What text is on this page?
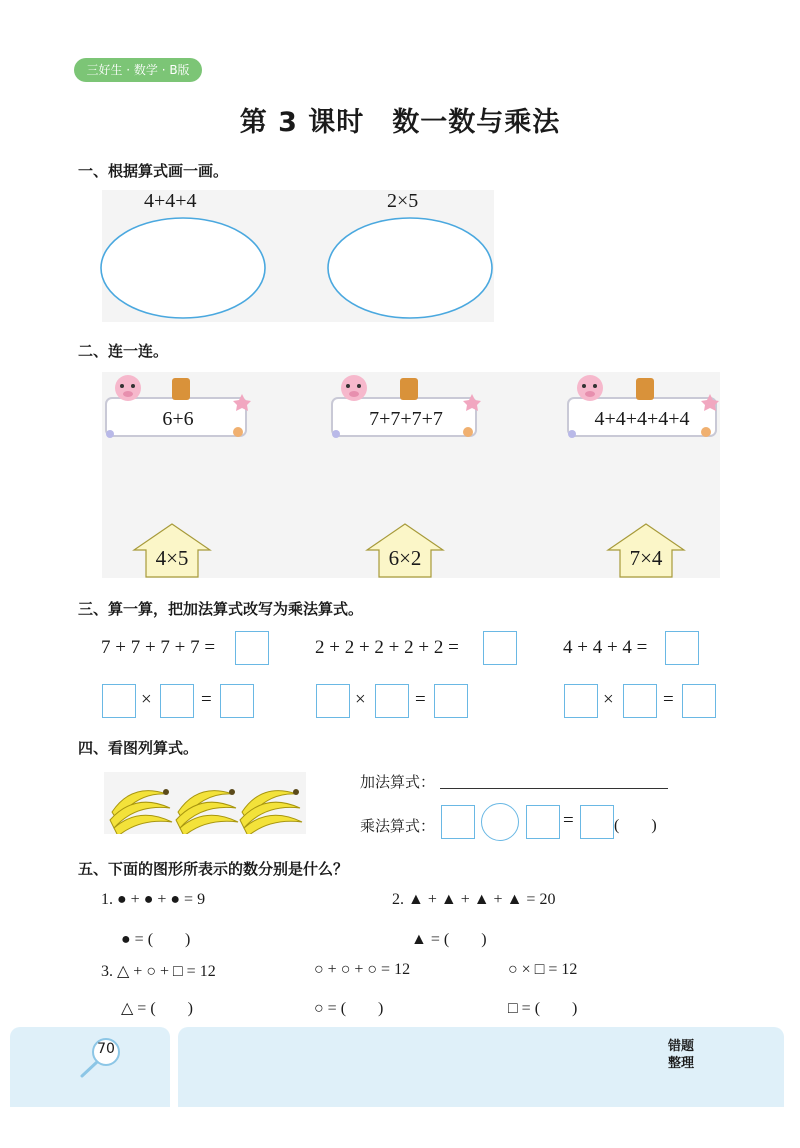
三好生 · 数学 · B版
第 3 课时　数一数与乘法
一、根据算式画一画。
4+4+4	2×5
二、连一连。
6+6	7+7+7+7	4+4+4+4+4
4×5	6×2	7×4
三、算一算，把加法算式改写为乘法算式。
7 + 7 + 7 + 7 =	2 + 2 + 2 + 2 + 2 =	4 + 4 + 4 =
×	=	×	=	×	=
四、看图列算式。
加法算式：
乘法算式：	=	(　　)
五、下面的图形所表示的数分别是什么？
1. ● + ● + ● = 9
● = (　　)
2. ▲ + ▲ + ▲ + ▲ = 20
▲ = (　　)
3. △ + ○ + □ = 12	○ + ○ + ○ = 12	○ × □ = 12
△ = (　　)	○ = (　　)	□ = (　　)
70	错题
整理
